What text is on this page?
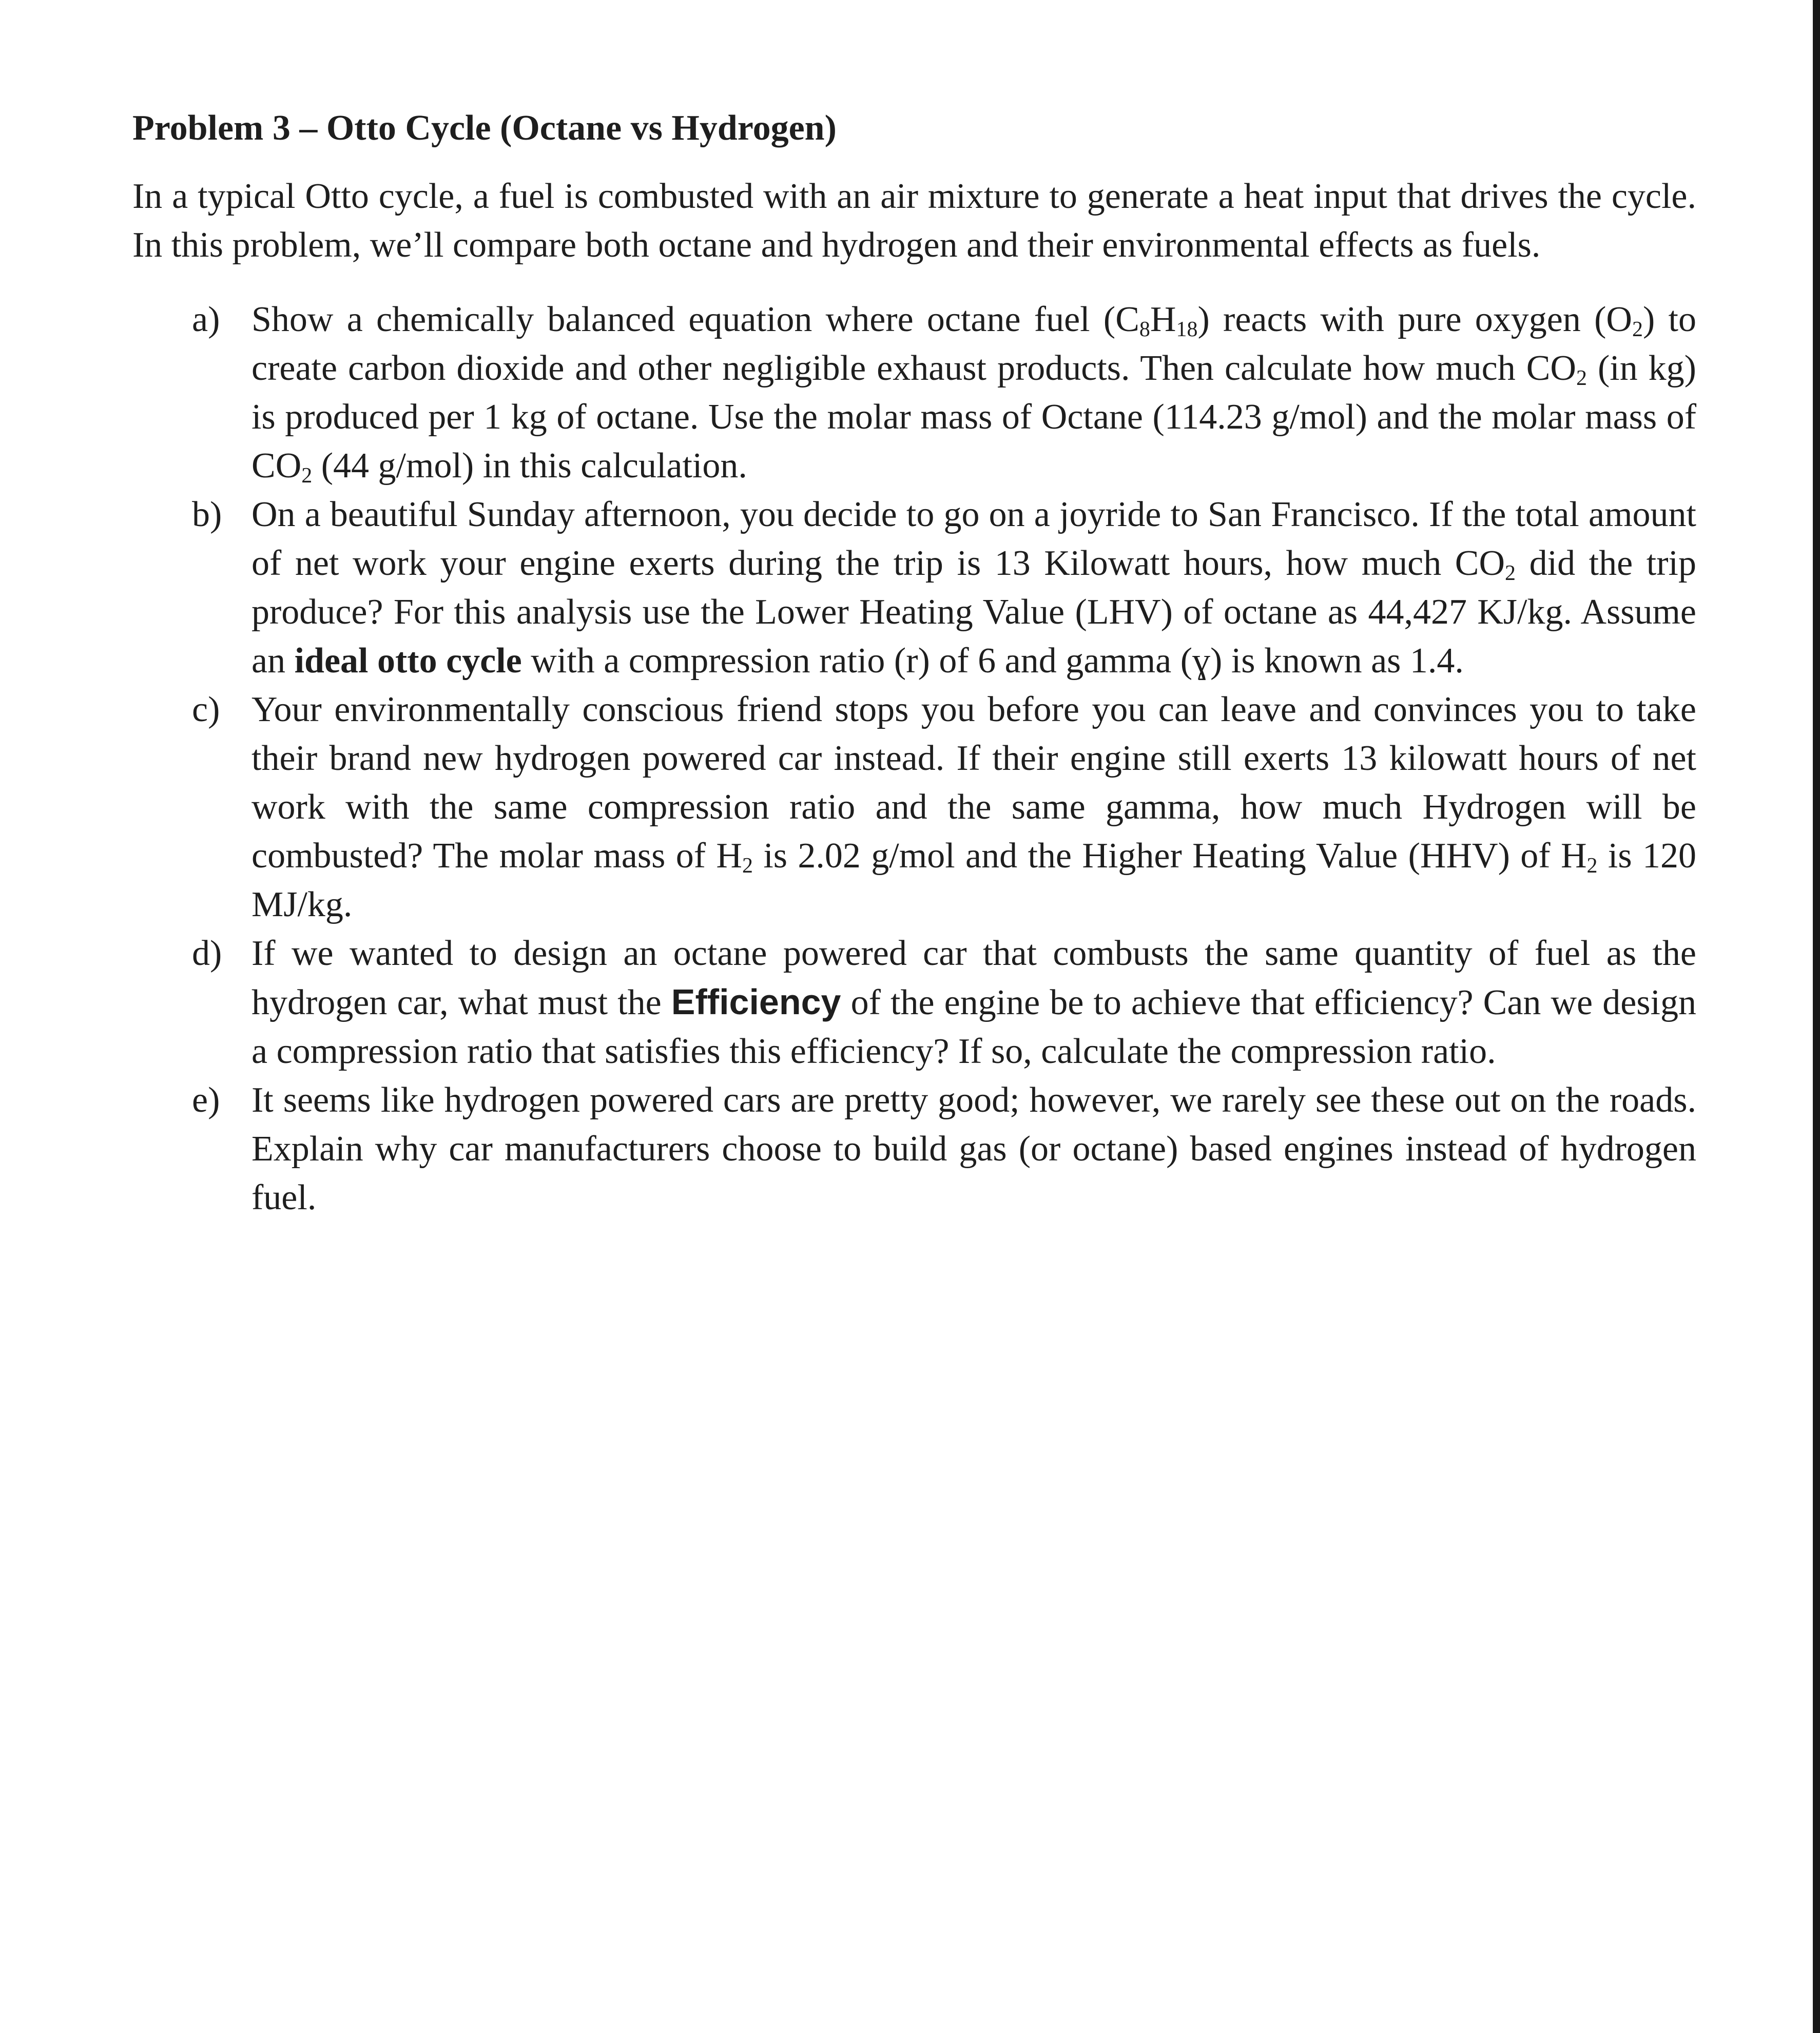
Problem 3 – Otto Cycle (Octane vs Hydrogen)

In a typical Otto cycle, a fuel is combusted with an air mixture to generate a heat input that drives the cycle. In this problem, we’ll compare both octane and hydrogen and their environmental effects as fuels.

a) Show a chemically balanced equation where octane fuel $(C_8H_{18})$ reacts with pure oxygen $(O_2)$ to create carbon dioxide and other negligible exhaust products. Then calculate how much $CO_2$ (in kg) is produced per 1 kg of octane. Use the molar mass of Octane (114.23 g/mol) and the molar mass of $CO_2$ (44 g/mol) in this calculation.
b) On a beautiful Sunday afternoon, you decide to go on a joyride to San Francisco. If the total amount of net work your engine exerts during the trip is 13 Kilowatt hours, how much $CO_2$ did the trip produce? For this analysis use the Lower Heating Value (LHV) of octane as 44,427 KJ/kg. Assume an ideal otto cycle with a compression ratio (r) of 6 and gamma (ɣ) is known as 1.4.
c) Your environmentally conscious friend stops you before you can leave and convinces you to take their brand new hydrogen powered car instead. If their engine still exerts 13 kilowatt hours of net work with the same compression ratio and the same gamma, how much Hydrogen will be combusted? The molar mass of $H_2$ is 2.02 g/mol and the Higher Heating Value (HHV) of $H_2$ is 120 MJ/kg.
d) If we wanted to design an octane powered car that combusts the same quantity of fuel as the hydrogen car, what must the Efficiency of the engine be to achieve that efficiency? Can we design a compression ratio that satisfies this efficiency? If so, calculate the compression ratio.
e) It seems like hydrogen powered cars are pretty good; however, we rarely see these out on the roads. Explain why car manufacturers choose to build gas (or octane) based engines instead of hydrogen fuel.
